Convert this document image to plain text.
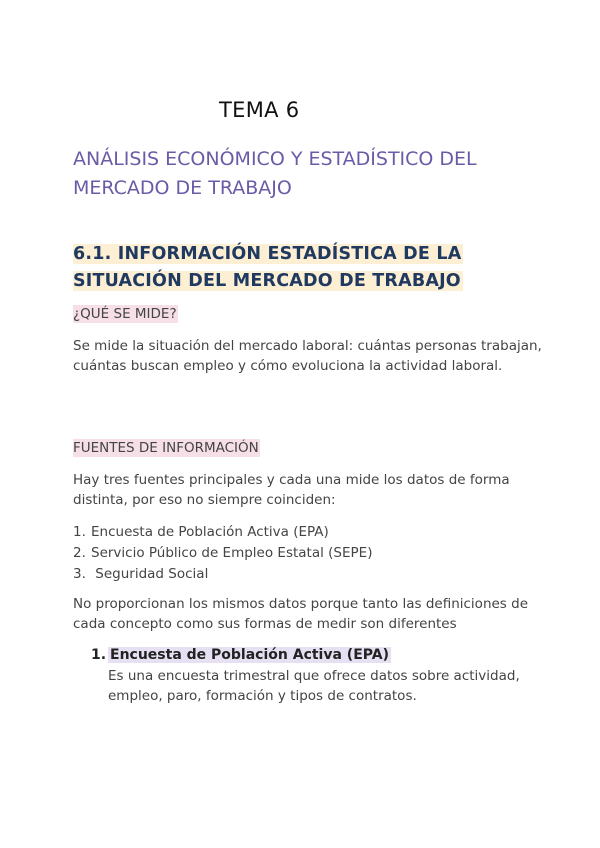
TEMA 6
ANÁLISIS ECONÓMICO Y ESTADÍSTICO DEL MERCADO DE TRABAJO
6.1. INFORMACIÓN ESTADÍSTICA DE LA
SITUACIÓN DEL MERCADO DE TRABAJO
¿QUÉ SE MIDE?

Se mide la situación del mercado laboral: cuántas personas trabajan, cuántas buscan empleo y cómo evoluciona la actividad laboral.

FUENTES DE INFORMACIÓN

Hay tres fuentes principales y cada una mide los datos de forma distinta, por eso no siempre coinciden:

1. Encuesta de Población Activa (EPA)
2. Servicio Público de Empleo Estatal (SEPE)
3. Seguridad Social

No proporcionan los mismos datos porque tanto las definiciones de cada concepto como sus formas de medir son diferentes

1. Encuesta de Población Activa (EPA)

Es una encuesta trimestral que ofrece datos sobre actividad, empleo, paro, formación y tipos de contratos.
